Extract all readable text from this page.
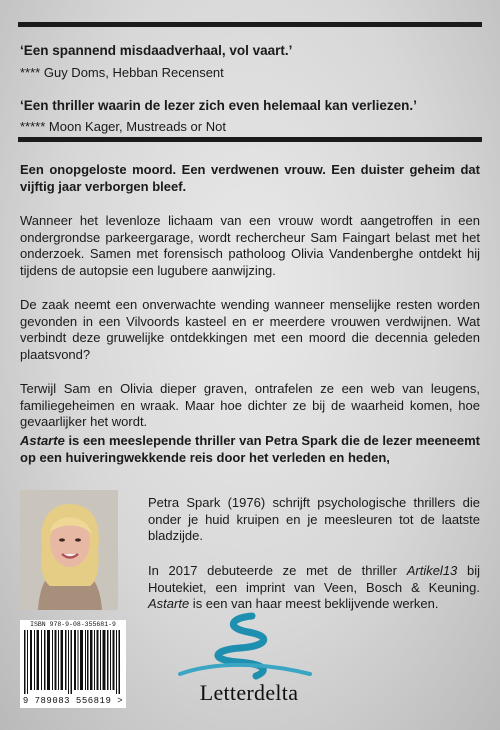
‘Een spannend misdaadverhaal, vol vaart.’
**** Guy Doms, Hebban Recensent
‘Een thriller waarin de lezer zich even helemaal kan verliezen.’
***** Moon Kager, Mustreads or Not

Een onopgeloste moord. Een verdwenen vrouw. Een duister geheim dat vijftig jaar verborgen bleef.

Wanneer het levenloze lichaam van een vrouw wordt aangetroffen in een ondergrondse parkeergarage, wordt rechercheur Sam Faingart belast met het onderzoek. Samen met forensisch patholoog Olivia Vandenberghe ontdekt hij tijdens de autopsie een lugubere aanwijzing.

De zaak neemt een onverwachte wending wanneer menselijke resten worden gevonden in een Vilvoords kasteel en er meerdere vrouwen verdwijnen. Wat verbindt deze gruwelijke ontdekkingen met een moord die decennia geleden plaatsvond?

Terwijl Sam en Olivia dieper graven, ontrafelen ze een web van leugens, familiegeheimen en wraak. Maar hoe dichter ze bij de waarheid komen, hoe gevaarlijker het wordt.

Astarte is een meeslepende thriller van Petra Spark die de lezer meeneemt op een huiveringwekkende reis door het verleden en heden,

Petra Spark (1976) schrijft psychologische thrillers die onder je huid kruipen en je meesleuren tot de laatste bladzijde.

In 2017 debuteerde ze met de thriller Artikel13 bij Houtekiet, een imprint van Veen, Bosch & Keuning. Astarte is een van haar meest beklijvende werken.

ISBN 978-9-08-355681-9
9 789083 556819 >	Letterdelta
